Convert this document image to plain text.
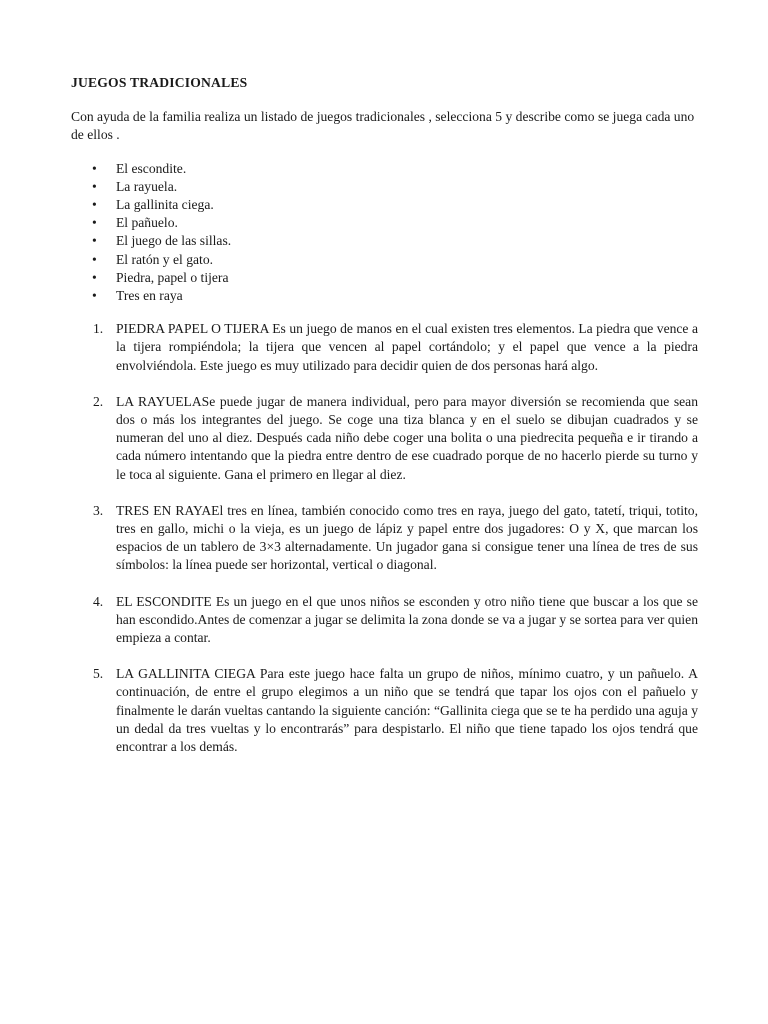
JUEGOS TRADICIONALES

Con ayuda de la familia realiza un listado de juegos tradicionales , selecciona 5 y describe como se juega cada uno de ellos .

• El escondite.
• La rayuela.
• La gallinita ciega.
• El pañuelo.
• El juego de las sillas.
• El ratón y el gato.
• Piedra, papel o tijera
• Tres en raya
1. PIEDRA PAPEL O TIJERA Es un juego de manos en el cual existen tres elementos. La piedra que vence a la tijera rompiéndola; la tijera que vencen al papel cortándolo; y el papel que vence a la piedra envolviéndola. Este juego es muy utilizado para decidir quien de dos personas hará algo.
2. LA RAYUELASe puede jugar de manera individual, pero para mayor diversión se recomienda que sean dos o más los integrantes del juego. Se coge una tiza blanca y en el suelo se dibujan cuadrados y se numeran del uno al diez. Después cada niño debe coger una bolita o una piedrecita pequeña e ir tirando a cada número intentando que la piedra entre dentro de ese cuadrado porque de no hacerlo pierde su turno y le toca al siguiente. Gana el primero en llegar al diez.
3. TRES EN RAYAEl tres en línea, también conocido como tres en raya, juego del gato, tatetí, triqui, totito, tres en gallo, michi o la vieja, es un juego de lápiz y papel entre dos jugadores: O y X, que marcan los espacios de un tablero de 3×3 alternadamente. Un jugador gana si consigue tener una línea de tres de sus símbolos: la línea puede ser horizontal, vertical o diagonal.
4. EL ESCONDITE Es un juego en el que unos niños se esconden y otro niño tiene que buscar a los que se han escondido.Antes de comenzar a jugar se delimita la zona donde se va a jugar y se sortea para ver quien empieza a contar.
5. LA GALLINITA CIEGA Para este juego hace falta un grupo de niños, mínimo cuatro, y un pañuelo. A continuación, de entre el grupo elegimos a un niño que se tendrá que tapar los ojos con el pañuelo y finalmente le darán vueltas cantando la siguiente canción: “Gallinita ciega que se te ha perdido una aguja y un dedal da tres vueltas y lo encontrarás” para despistarlo. El niño que tiene tapado los ojos tendrá que encontrar a los demás.
